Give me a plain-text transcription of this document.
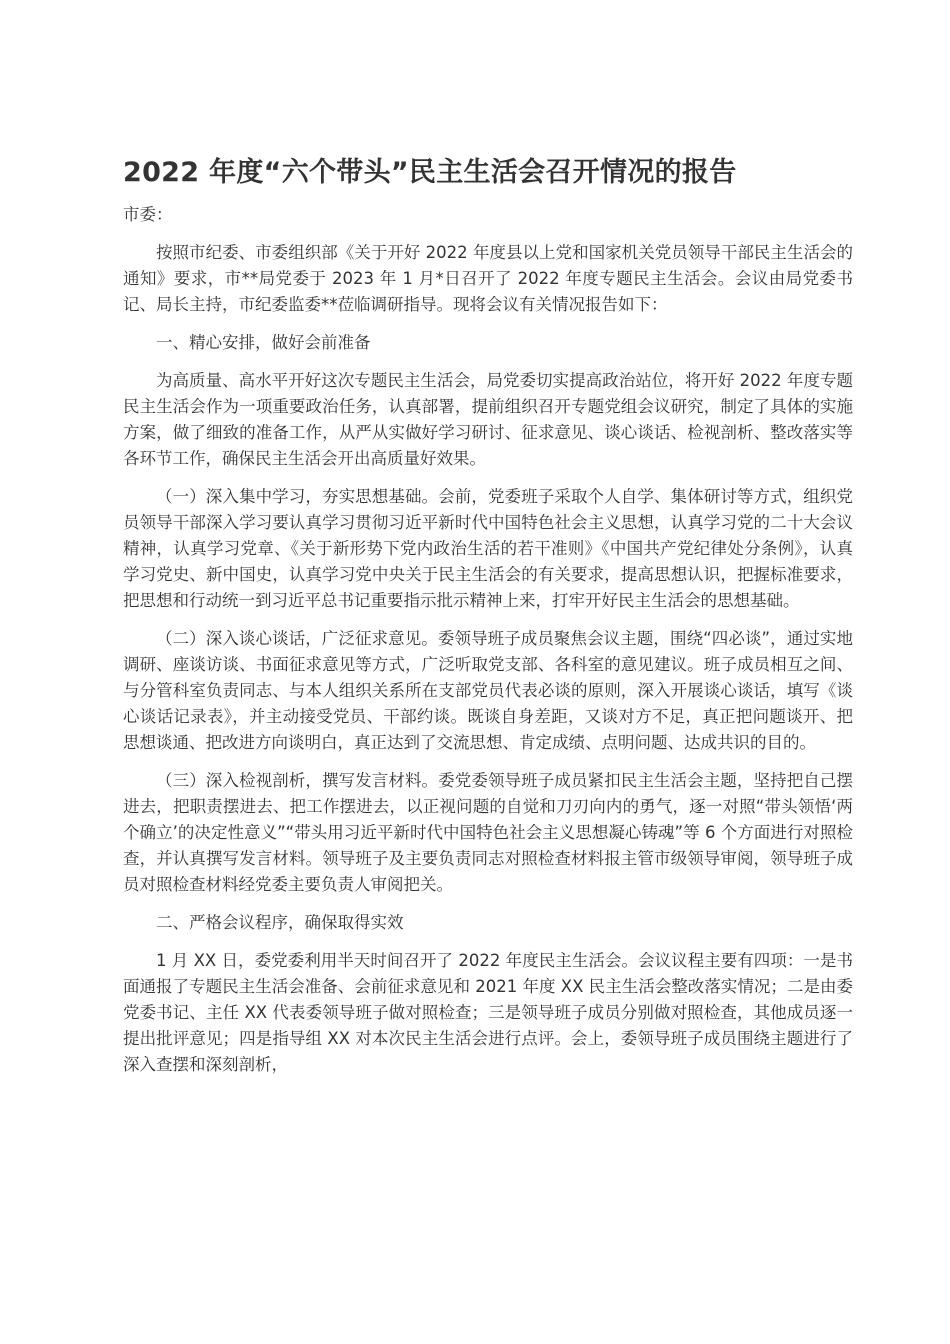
2022 年度“六个带头”民主生活会召开情况的报告

市委：

按照市纪委、市委组织部《关于开好 2022 年度县以上党和国家机关党员领导干部民主生活会的通知》要求，市**局党委于 2023 年 1 月*日召开了 2022 年度专题民主生活会。会议由局党委书记、局长主持，市纪委监委**莅临调研指导。现将会议有关情况报告如下：

一、精心安排，做好会前准备

为高质量、高水平开好这次专题民主生活会，局党委切实提高政治站位，将开好 2022 年度专题民主生活会作为一项重要政治任务，认真部署，提前组织召开专题党组会议研究，制定了具体的实施方案，做了细致的准备工作，从严从实做好学习研讨、征求意见、谈心谈话、检视剖析、整改落实等各环节工作，确保民主生活会开出高质量好效果。

（一）深入集中学习，夯实思想基础。会前，党委班子采取个人自学、集体研讨等方式，组织党员领导干部深入学习要认真学习贯彻习近平新时代中国特色社会主义思想，认真学习党的二十大会议精神，认真学习党章、《关于新形势下党内政治生活的若干准则》《中国共产党纪律处分条例》，认真学习党史、新中国史，认真学习党中央关于民主生活会的有关要求，提高思想认识，把握标准要求，把思想和行动统一到习近平总书记重要指示批示精神上来，打牢开好民主生活会的思想基础。

（二）深入谈心谈话，广泛征求意见。委领导班子成员聚焦会议主题，围绕“四必谈”，通过实地调研、座谈访谈、书面征求意见等方式，广泛听取党支部、各科室的意见建议。班子成员相互之间、与分管科室负责同志、与本人组织关系所在支部党员代表必谈的原则，深入开展谈心谈话，填写《谈心谈话记录表》，并主动接受党员、干部约谈。既谈自身差距，又谈对方不足，真正把问题谈开、把思想谈通、把改进方向谈明白，真正达到了交流思想、肯定成绩、点明问题、达成共识的目的。

（三）深入检视剖析，撰写发言材料。委党委领导班子成员紧扣民主生活会主题，坚持把自己摆进去，把职责摆进去、把工作摆进去，以正视问题的自觉和刀刃向内的勇气，逐一对照“带头领悟‘两个确立’的决定性意义”“带头用习近平新时代中国特色社会主义思想凝心铸魂”等 6 个方面进行对照检查，并认真撰写发言材料。领导班子及主要负责同志对照检查材料报主管市级领导审阅，领导班子成员对照检查材料经党委主要负责人审阅把关。

二、严格会议程序，确保取得实效

1 月 XX 日，委党委利用半天时间召开了 2022 年度民主生活会。会议议程主要有四项：一是书面通报了专题民主生活会准备、会前征求意见和 2021 年度 XX 民主生活会整改落实情况；二是由委党委书记、主任 XX 代表委领导班子做对照检查；三是领导班子成员分别做对照检查，其他成员逐一提出批评意见；四是指导组 XX 对本次民主生活会进行点评。会上，委领导班子成员围绕主题进行了深入查摆和深刻剖析，
